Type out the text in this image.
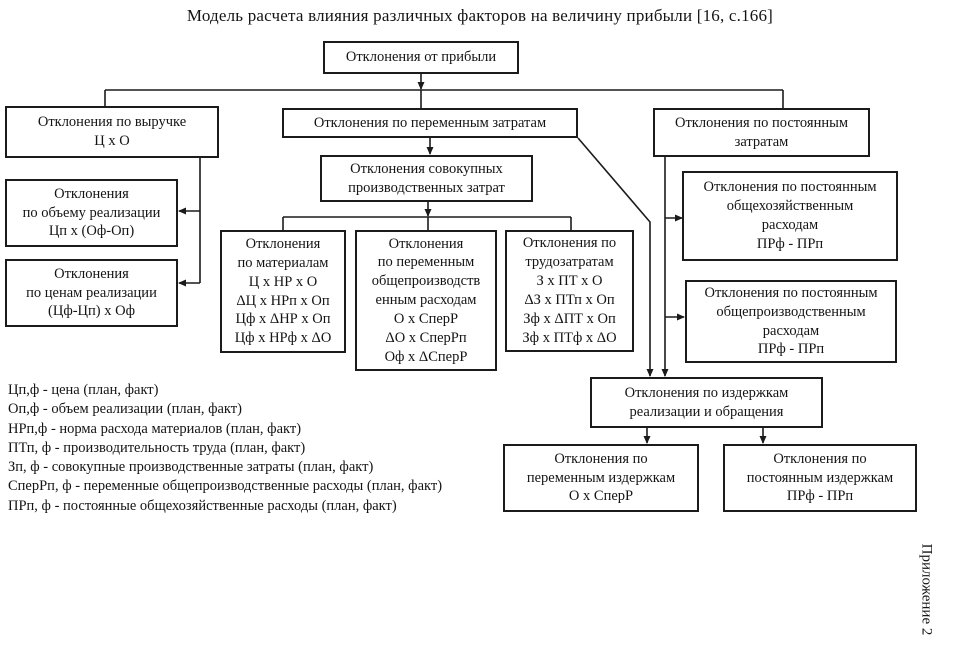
Модель расчета влияния различных факторов на величину прибыли [16, с.166]
Отклонения от прибыли
Отклонения по выручке
Ц х О
Отклонения
по объему реализации
Цп х (Оф-Оп)
Отклонения
по ценам реализации
(Цф-Цп) х Оф
Отклонения по переменным затратам
Отклонения совокупных
производственных затрат
Отклонения
по материалам
Ц х НР х О
ΔЦ х НРп х Оп
Цф х ΔНР х Оп
Цф х НРф х ΔО
Отклонения
по переменным
общепроизводств
енным расходам
О х СперР
ΔО х СперРп
Оф х ΔСперР
Отклонения по
трудозатратам
З х ПТ х О
ΔЗ х ПТп х Оп
Зф х ΔПТ х Оп
Зф х ПТф х ΔО
Отклонения по постоянным
затратам
Отклонения по постоянным
общехозяйственным
расходам
ПРф - ПРп
Отклонения по постоянным
общепроизводственным
расходам
ПРф - ПРп
Отклонения по издержкам
реализации и обращения
Отклонения по
переменным издержкам
О х СперР
Отклонения по
постоянным издержкам
ПРф - ПРп
Цп,ф - цена (план, факт)
Оп,ф - объем реализации (план, факт)
НРп,ф - норма расхода материалов (план, факт)
ПТп, ф - производительность труда (план, факт)
Зп, ф - совокупные производственные затраты (план, факт)
СперРп, ф - переменные общепроизводственные расходы (план, факт)
ПРп, ф - постоянные общехозяйственные расходы (план, факт)
Приложение 2
